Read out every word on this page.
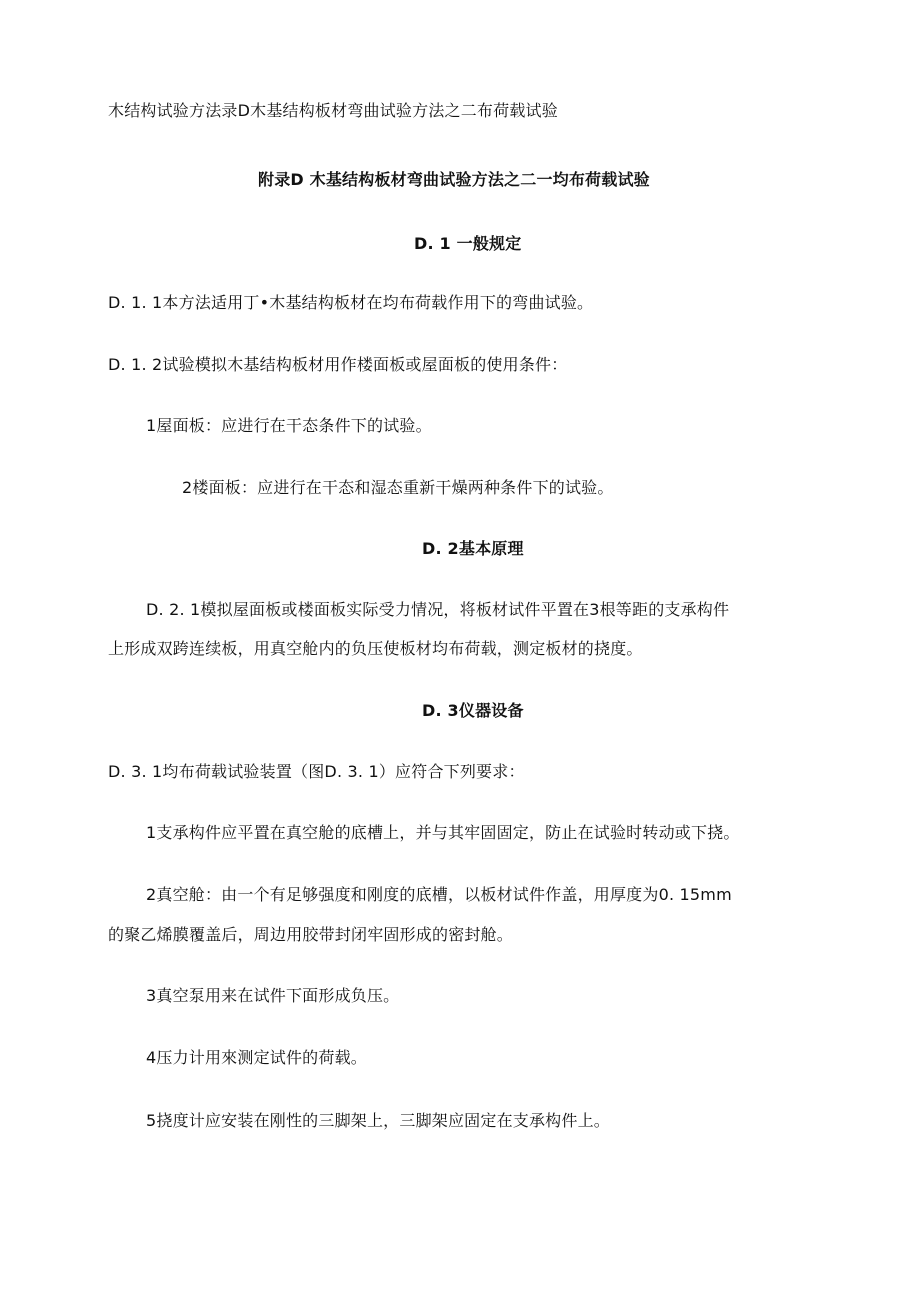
木结构试验方法录D木基结构板材弯曲试验方法之二布荷载试验
附录D 木基结构板材弯曲试验方法之二一均布荷载试验
D. 1 一般规定
D. 1. 1本方法适用丁•木基结构板材在均布荷载作用下的弯曲试验。
D. 1. 2试验模拟木基结构板材用作楼面板或屋面板的使用条件：
1屋面板：应进行在干态条件下的试验。
2楼面板：应进行在干态和湿态重新干燥两种条件下的试验。
D. 2基本原理
D. 2. 1模拟屋面板或楼面板实际受力情况，将板材试件平置在3根等距的支承构件
上形成双跨连续板，用真空舱内的负压使板材均布荷载，测定板材的挠度。
D. 3仪器设备
D. 3. 1均布荷载试验装置（图D. 3. 1）应符合下列要求：
1支承构件应平置在真空舱的底槽上，并与其牢固固定，防止在试验时转动或下挠。
2真空舱：由一个有足够强度和刚度的底槽，以板材试件作盖，用厚度为0. 15mm
的聚乙烯膜覆盖后，周边用胶带封闭牢固形成的密封舱。
3真空泵用来在试件下面形成负压。
4压力计用來测定试件的荷载。
5挠度计应安装在刚性的三脚架上，三脚架应固定在支承构件上。
